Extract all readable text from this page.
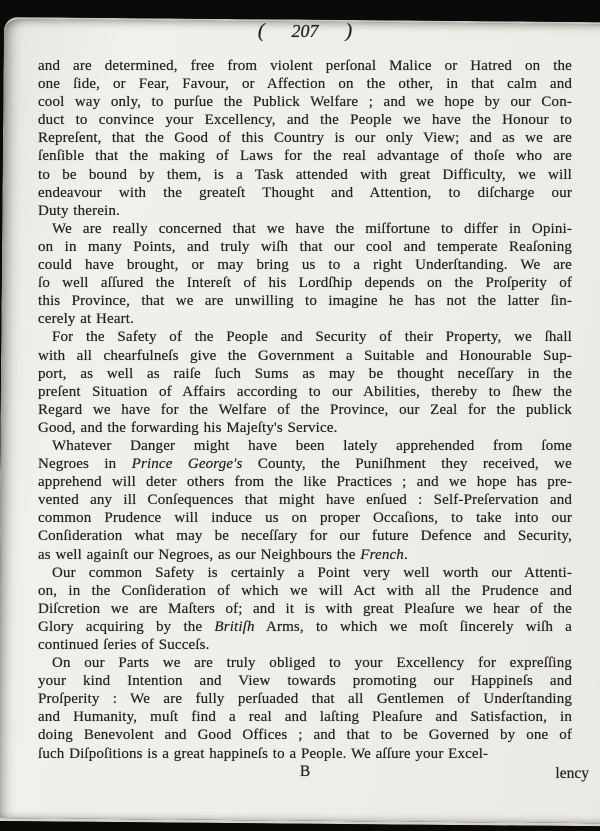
( 207 )
and are determined, free from violent perſonal Malice or Hatred on the
one ſide, or Fear, Favour, or Affection on the other, in that calm and
cool way only, to purſue the Publick Welfare ; and we hope by our Con-
duct to convince your Excellency, and the People we have the Honour to
Repreſent, that the Good of this Country is our only View; and as we are
ſenſible that the making of Laws for the real advantage of thoſe who are
to be bound by them, is a Task attended with great Difficulty, we will
endeavour with the greateſt Thought and Attention, to diſcharge our
Duty therein.
We are really concerned that we have the miſfortune to differ in Opini-
on in many Points, and truly wiſh that our cool and temperate Reaſoning
could have brought, or may bring us to a right Underſtanding. We are
ſo well aſſured the Intereſt of his Lordſhip depends on the Proſperity of
this Province, that we are unwilling to imagine he has not the latter ſin-
cerely at Heart.
For the Safety of the People and Security of their Property, we ſhall
with all chearfulneſs give the Government a Suitable and Honourable Sup-
port, as well as raiſe ſuch Sums as may be thought neceſſary in the
preſent Situation of Affairs according to our Abilities, thereby to ſhew the
Regard we have for the Welfare of the Province, our Zeal for the publick
Good, and the forwarding his Majeſty's Service.
Whatever Danger might have been lately apprehended from ſome
Negroes in Prince George's County, the Puniſhment they received, we
apprehend will deter others from the like Practices ; and we hope has pre-
vented any ill Conſequences that might have enſued : Self-Preſervation and
common Prudence will induce us on proper Occaſions, to take into our
Conſideration what may be neceſſary for our future Defence and Security,
as well againſt our Negroes, as our Neighbours the French.
Our common Safety is certainly a Point very well worth our Attenti-
on, in the Conſideration of which we will Act with all the Prudence and
Diſcretion we are Maſters of; and it is with great Pleaſure we hear of the
Glory acquiring by the Britiſh Arms, to which we moſt ſincerely wiſh a
continued ſeries of Succeſs.
On our Parts we are truly obliged to your Excellency for expreſſing
your kind Intention and View towards promoting our Happineſs and
Proſperity : We are fully perſuaded that all Gentlemen of Underſtanding
and Humanity, muſt find a real and laſting Pleaſure and Satisfaction, in
doing Benevolent and Good Offices ; and that to be Governed by one of
ſuch Diſpoſitions is a great happineſs to a People. We aſſure your Excel-
B	lency
